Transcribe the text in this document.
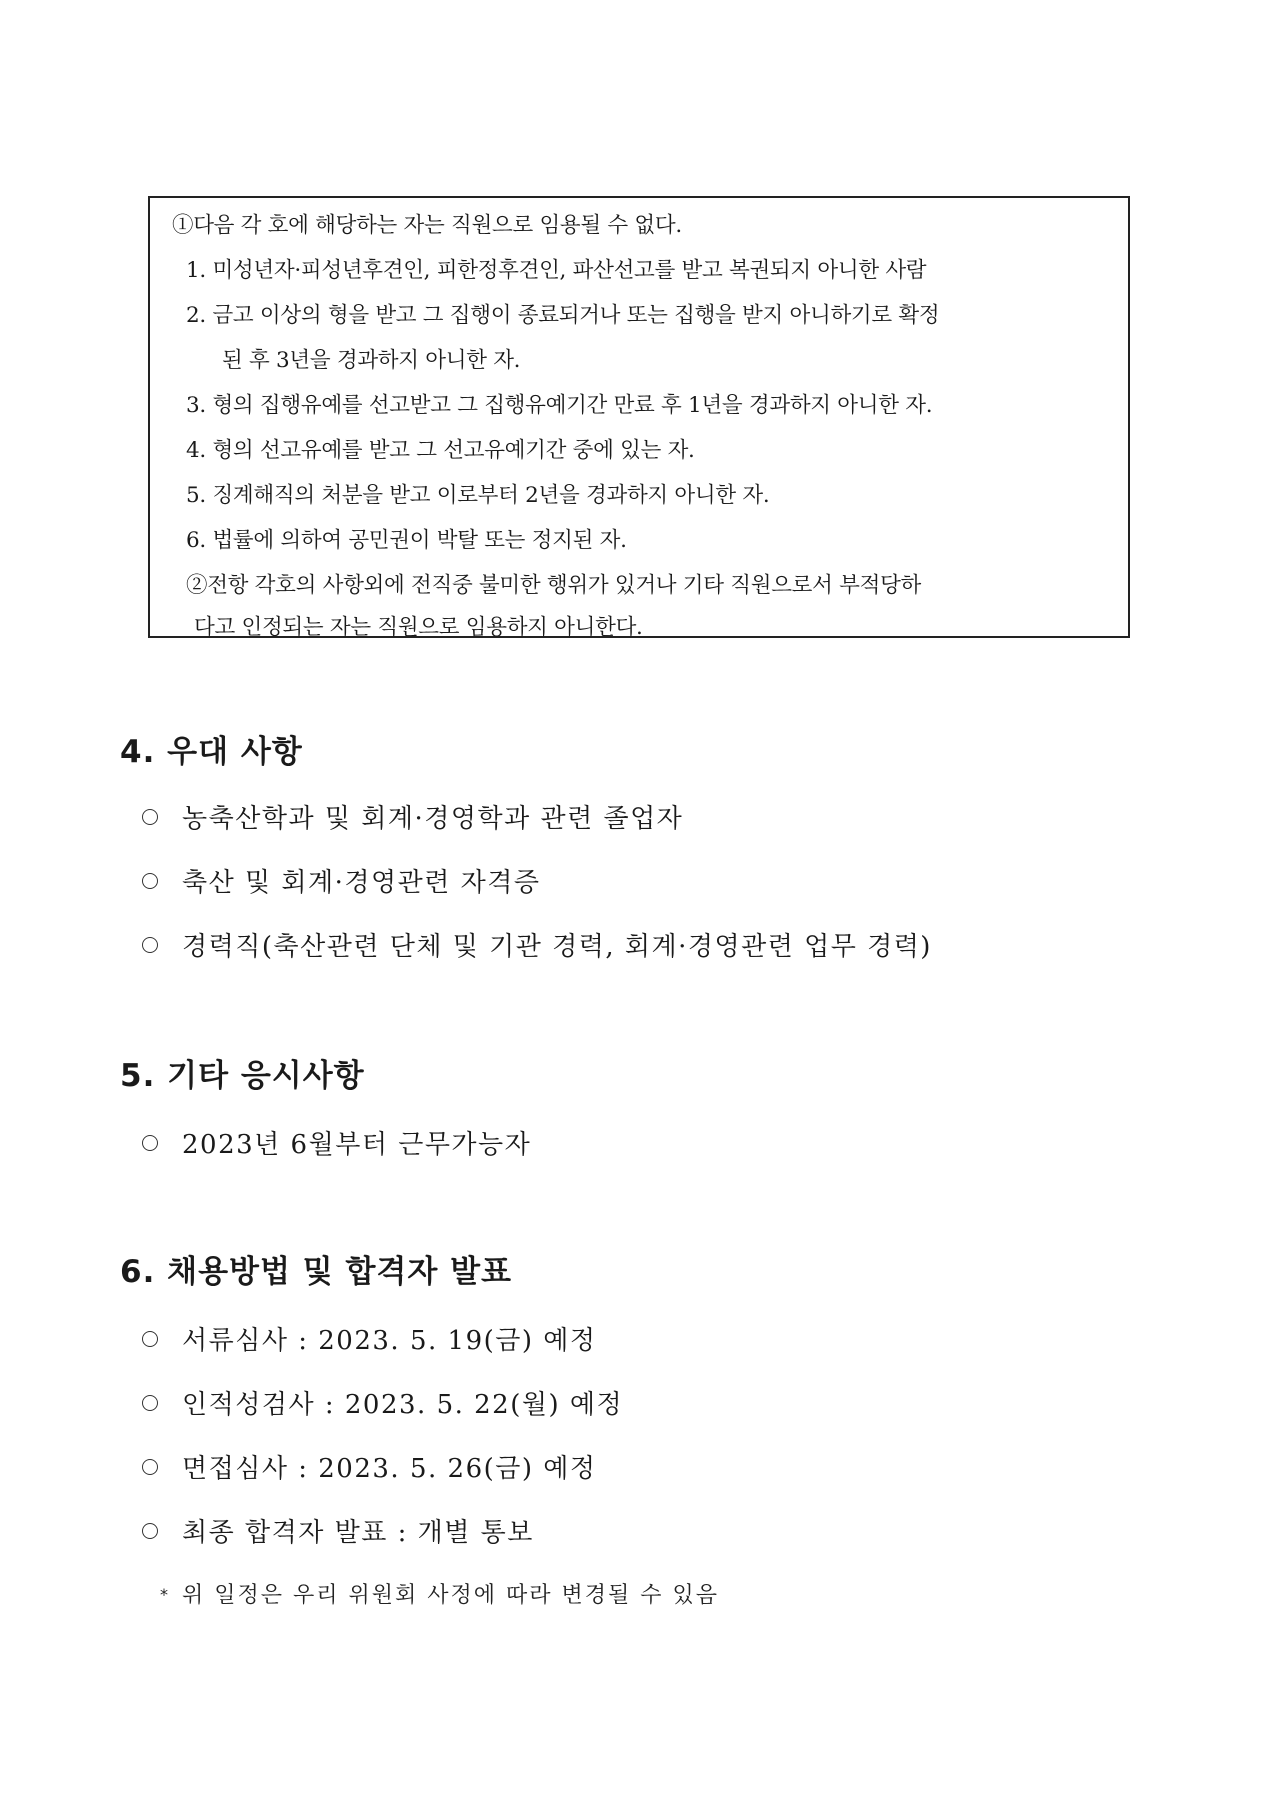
①다음 각 호에 해당하는 자는 직원으로 임용될 수 없다.
1. 미성년자·피성년후견인, 피한정후견인, 파산선고를 받고 복권되지 아니한 사람
2. 금고 이상의 형을 받고 그 집행이 종료되거나 또는 집행을 받지 아니하기로 확정
된 후 3년을 경과하지 아니한 자.
3. 형의 집행유예를 선고받고 그 집행유예기간 만료 후 1년을 경과하지 아니한 자.
4. 형의 선고유예를 받고 그 선고유예기간 중에 있는 자.
5. 징계해직의 처분을 받고 이로부터 2년을 경과하지 아니한 자.
6. 법률에 의하여 공민권이 박탈 또는 정지된 자.
②전항 각호의 사항외에 전직중 불미한 행위가 있거나 기타 직원으로서 부적당하
다고 인정되는 자는 직원으로 임용하지 아니한다.
4. 우대 사항
농축산학과 및 회계·경영학과 관련 졸업자
축산 및 회계·경영관련 자격증
경력직(축산관련 단체 및 기관 경력, 회계·경영관련 업무 경력)
5. 기타 응시사항
2023년 6월부터 근무가능자
6. 채용방법 및 합격자 발표
서류심사 : 2023. 5. 19(금) 예정
인적성검사 : 2023. 5. 22(월) 예정
면접심사 : 2023. 5. 26(금) 예정
최종 합격자 발표 : 개별 통보
* 위 일정은 우리 위원회 사정에 따라 변경될 수 있음
